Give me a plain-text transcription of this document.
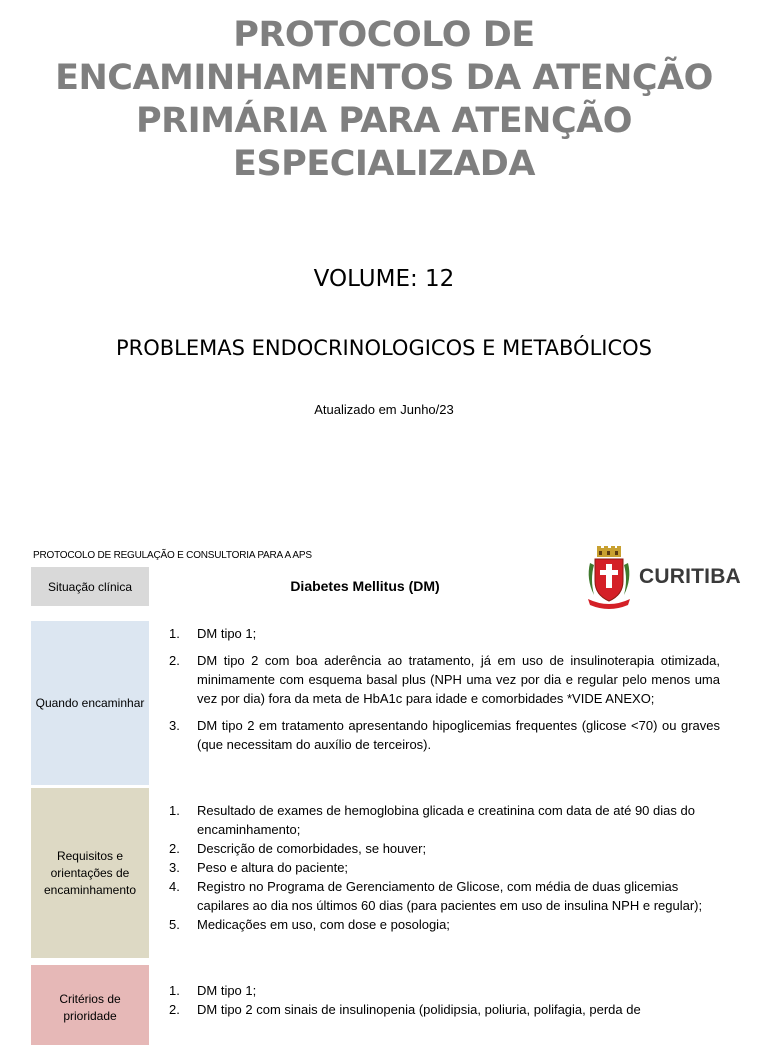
PROTOCOLO DE
ENCAMINHAMENTOS DA ATENÇÃO
PRIMÁRIA PARA ATENÇÃO
ESPECIALIZADA
VOLUME: 12
PROBLEMAS ENDOCRINOLOGICOS E METABÓLICOS
Atualizado em Junho/23
PROTOCOLO DE REGULAÇÃO E CONSULTORIA PARA A APS
Situação clínica	Diabetes Mellitus (DM)	CURITIBA
Quando encaminhar
1. DM tipo 1;
2. DM tipo 2 com boa aderência ao tratamento, já em uso de insulinoterapia otimizada, minimamente com esquema basal plus (NPH uma vez por dia e regular pelo menos uma vez por dia) fora da meta de HbA1c para idade e comorbidades *VIDE ANEXO;
3. DM tipo 2 em tratamento apresentando hipoglicemias frequentes (glicose <70) ou graves (que necessitam do auxílio de terceiros).
Requisitos e orientações de encaminhamento
1. Resultado de exames de hemoglobina glicada e creatinina com data de até 90 dias do encaminhamento;
2. Descrição de comorbidades, se houver;
3. Peso e altura do paciente;
4. Registro no Programa de Gerenciamento de Glicose, com média de duas glicemias capilares ao dia nos últimos 60 dias (para pacientes em uso de insulina NPH e regular);
5. Medicações em uso, com dose e posologia;
Critérios de prioridade
1. DM tipo 1;
2. DM tipo 2 com sinais de insulinopenia (polidipsia, poliuria, polifagia, perda de
